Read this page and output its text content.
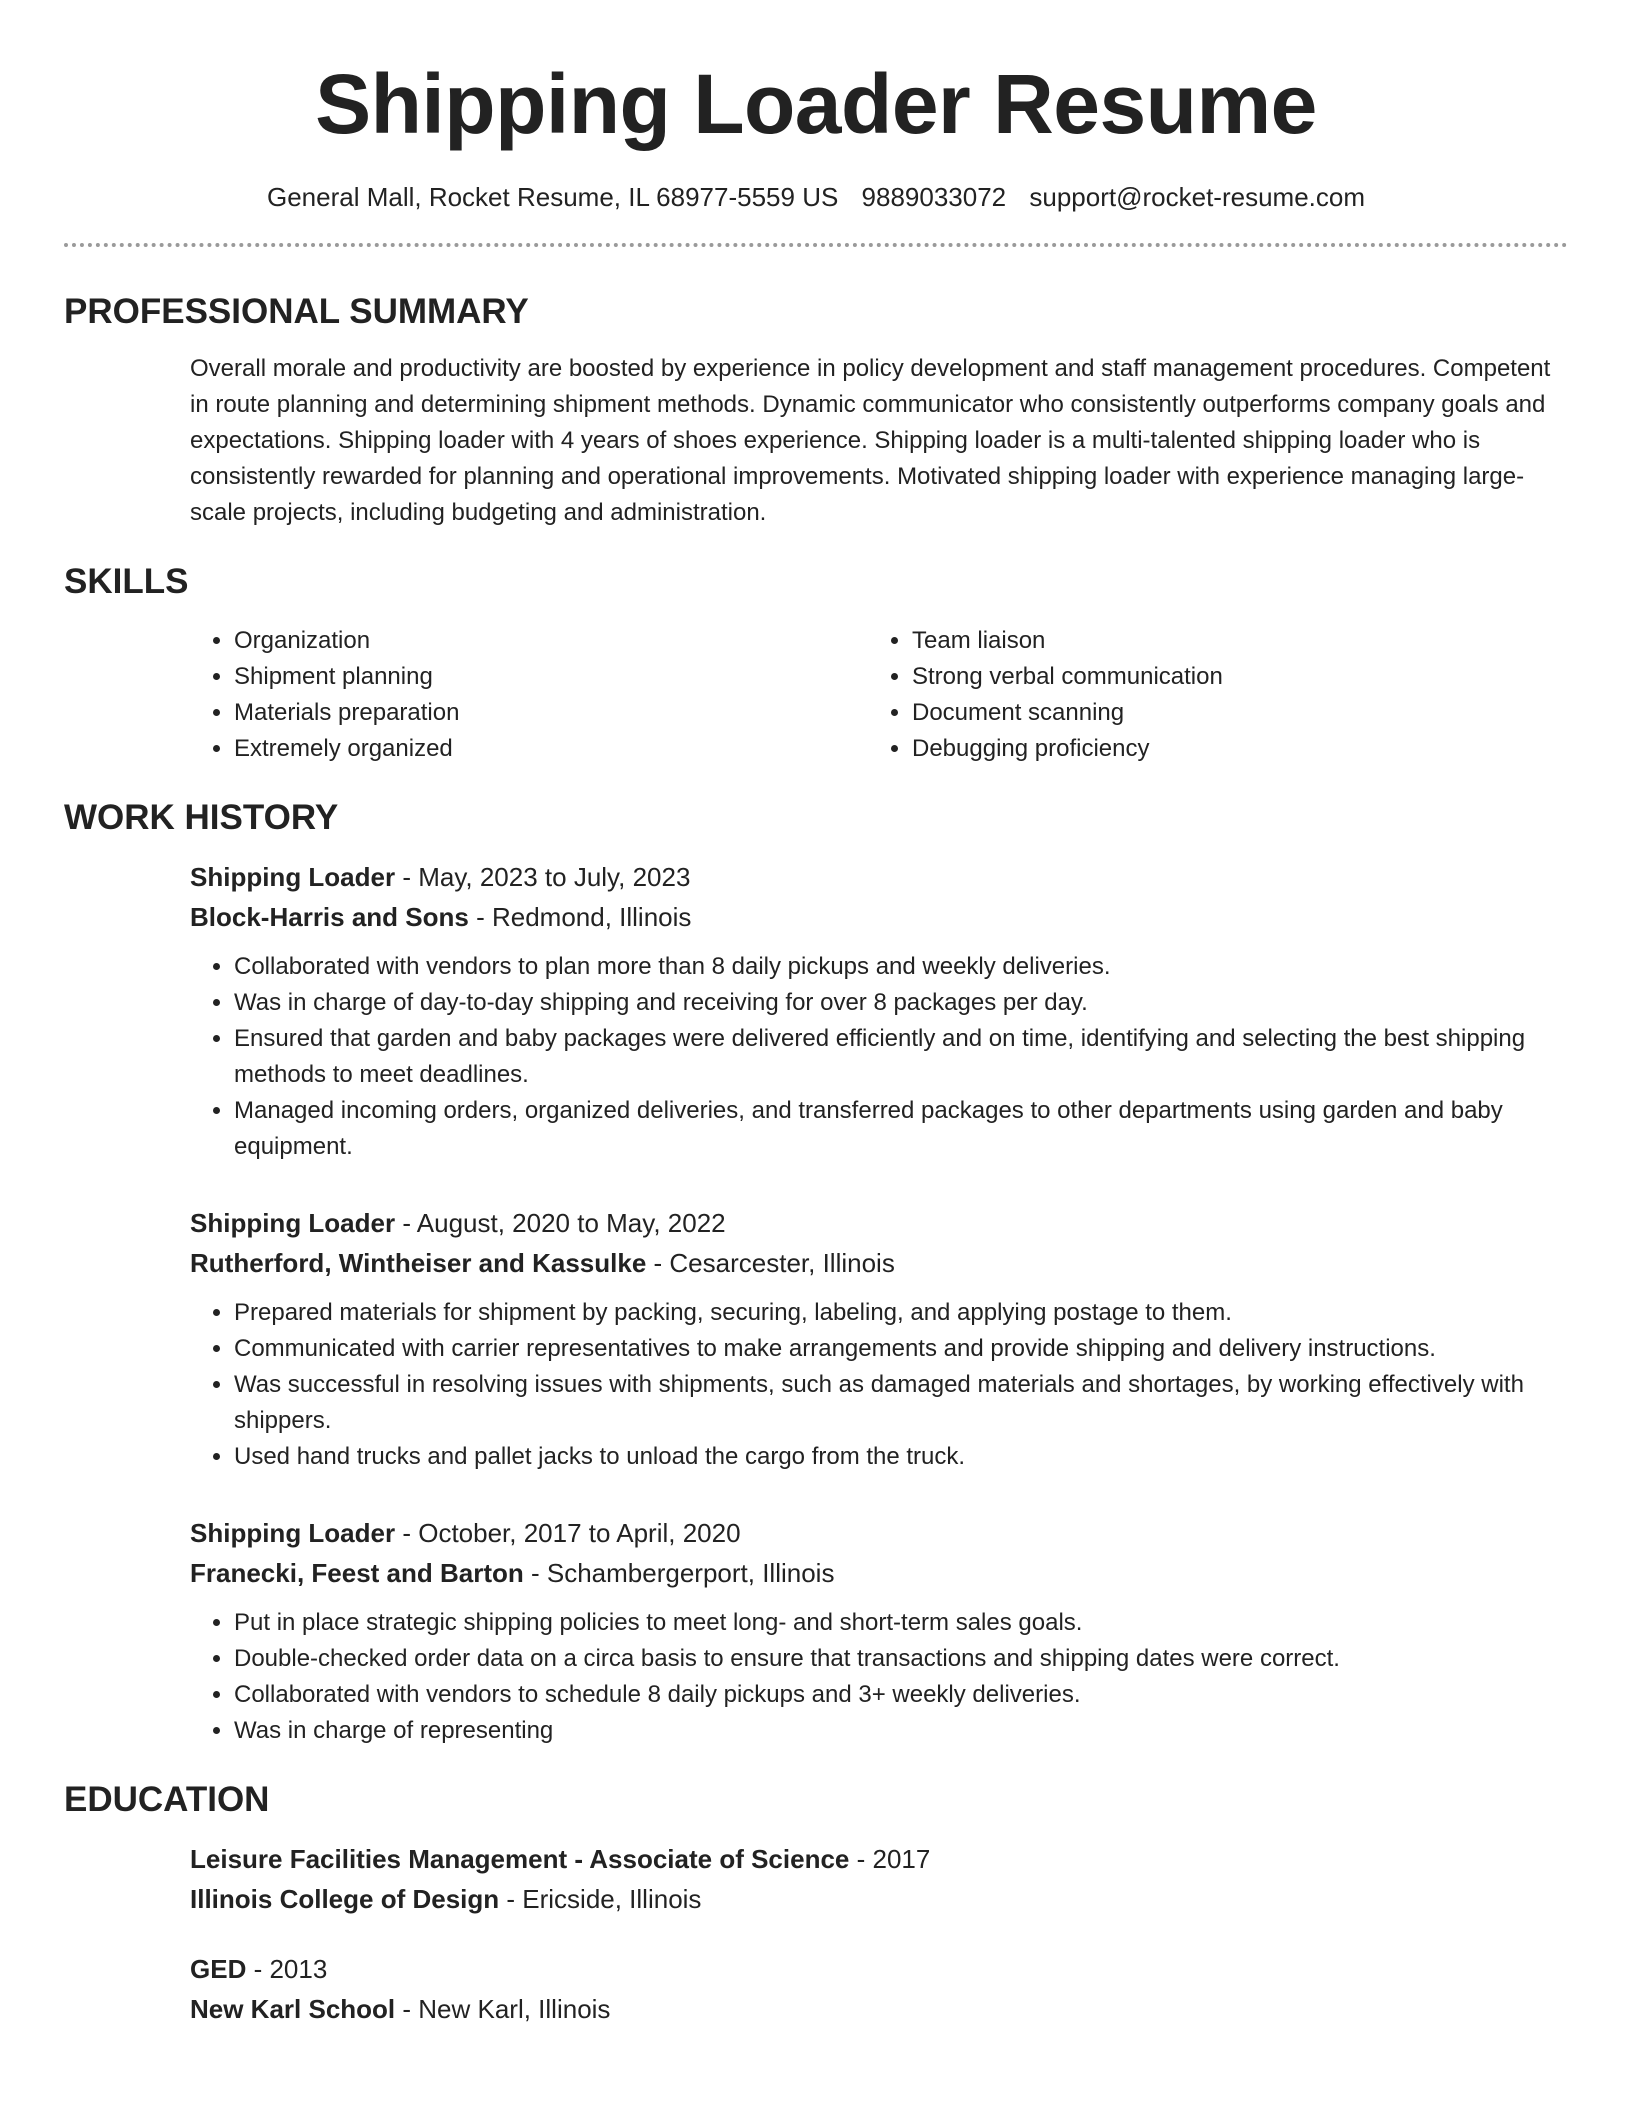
Shipping Loader Resume
General Mall, Rocket Resume, IL 68977-5559 US 9889033072 support@rocket-resume.com
PROFESSIONAL SUMMARY
Overall morale and productivity are boosted by experience in policy development and staff management procedures. Competent in route planning and determining shipment methods. Dynamic communicator who consistently outperforms company goals and expectations. Shipping loader with 4 years of shoes experience. Shipping loader is a multi-talented shipping loader who is consistently rewarded for planning and operational improvements. Motivated shipping loader with experience managing large-scale projects, including budgeting and administration.
SKILLS
• Organization
• Shipment planning
• Materials preparation
• Extremely organized
• Team liaison
• Strong verbal communication
• Document scanning
• Debugging proficiency
WORK HISTORY
Shipping Loader - May, 2023 to July, 2023
Block-Harris and Sons - Redmond, Illinois
• Collaborated with vendors to plan more than 8 daily pickups and weekly deliveries.
• Was in charge of day-to-day shipping and receiving for over 8 packages per day.
• Ensured that garden and baby packages were delivered efficiently and on time, identifying and selecting the best shipping methods to meet deadlines.
• Managed incoming orders, organized deliveries, and transferred packages to other departments using garden and baby equipment.
Shipping Loader - August, 2020 to May, 2022
Rutherford, Wintheiser and Kassulke - Cesarcester, Illinois
• Prepared materials for shipment by packing, securing, labeling, and applying postage to them.
• Communicated with carrier representatives to make arrangements and provide shipping and delivery instructions.
• Was successful in resolving issues with shipments, such as damaged materials and shortages, by working effectively with shippers.
• Used hand trucks and pallet jacks to unload the cargo from the truck.
Shipping Loader - October, 2017 to April, 2020
Franecki, Feest and Barton - Schambergerport, Illinois
• Put in place strategic shipping policies to meet long- and short-term sales goals.
• Double-checked order data on a circa basis to ensure that transactions and shipping dates were correct.
• Collaborated with vendors to schedule 8 daily pickups and 3+ weekly deliveries.
• Was in charge of representing
EDUCATION
Leisure Facilities Management - Associate of Science - 2017
Illinois College of Design - Ericside, Illinois
GED - 2013
New Karl School - New Karl, Illinois
